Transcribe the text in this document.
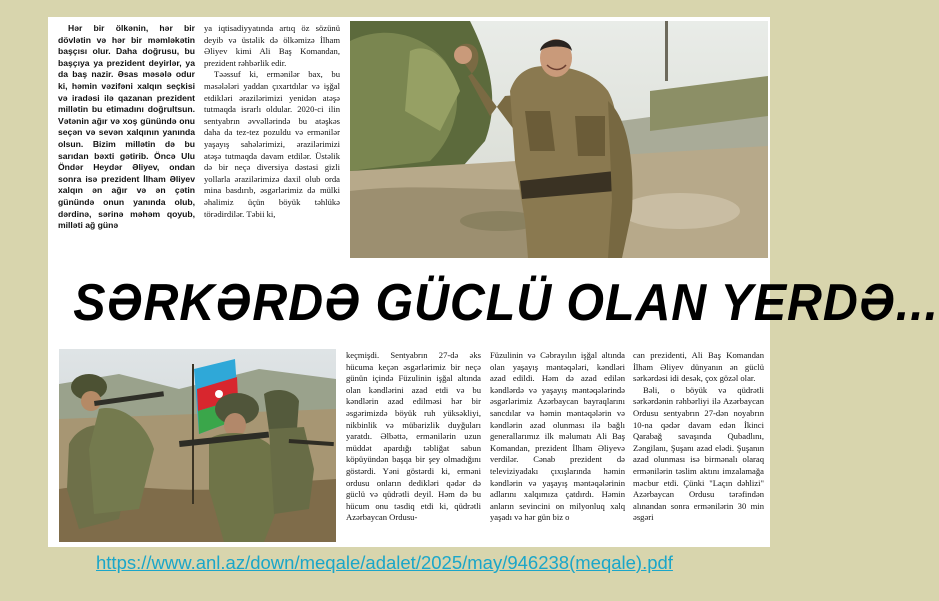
Hər bir ölkənin, hər bir dövlətin və hər bir məmləkətin başçısı olur. Daha doğrusu, bu başçıya ya prezident deyirlər, ya da baş nazir. Əsas məsələ odur ki, həmin vəzifəni xalqın seçkisi və iradəsi ilə qazanan prezident millətin bu etimadını doğrultsun. Vətənin ağır və xoş günündə onu seçən və sevən xalqının yanında olsun. Bizim millətin də bu sarıdan bəxti gətirib. Öncə Ulu Öndər Heydər Əliyev, ondan sonra isə prezident İlham Əliyev xalqın ən ağır və ən çətin günündə onun yanında olub, dərdinə, sərinə məhəm qoyub, milləti ağ günə

ya iqtisadiyyatında artıq öz sözünü deyib və üstəlik də ölkəmizə İlham Əliyev kimi Ali Baş Komandan, prezident rəhbərlik edir.

Təəssuf ki, ermənilər bax, bu məsələləri yaddan çıxartdılar və işğal etdikləri ərazilərimizi yenidən atəşə tutmaqda israrlı oldular. 2020-ci ilin sentyabrın əvvəllərində bu atəşkəs daha da tez-tez pozuldu və ermənilər yaşayış sahələrimizi, ərazilərimizi atəşə tutmaqda davam etdilər. Üstəlik də bir neçə diversiya dəstəsi gizli yollarla ərazilərimizə daxil olub orda mina basdırıb, əsgərlərimiz də mülki əhalimiz üçün böyük təhlükə törədirdilər. Təbii ki,

SƏRKƏRDƏ GÜCLÜ OLAN YERDƏ...

keçmişdi. Sentyabrın 27-də əks hücuma keçən əsgərlərimiz bir neçə günün içində Füzulinin işğal altında olan kəndlərini azad etdi və bu kəndlərin azad edilməsi hər bir əsgərimizdə böyük ruh yüksəkliyi, nikbinlik və mübarizlik duyğuları yaratdı. Əlbəttə, ermənilərin uzun müddət apardığı təbliğat sabun köpüyündən başqa bir şey olmadığını göstərdi. Yəni göstərdi ki, erməni ordusu onların dedikləri qədər də güclü və qüdrətli deyil. Həm də bu hücum onu təsdiq etdi ki, qüdrətli Azərbaycan Ordusu-

Füzulinin və Cəbrayılın işğal altında olan yaşayış məntəqələri, kəndləri azad edildi. Həm də azad edilən kəndlərdə və yaşayış məntəqələrində əsgərlərimiz Azərbaycan bayraqlarını sancdılar və həmin məntəqələrin və kəndlərin azad olunması ilə bağlı generallarımız ilk məlumatı Ali Baş Komandan, prezident İlham Əliyevə verdilər. Cənab prezident də televiziyadakı çıxışlarında həmin kəndlərin və yaşayış məntəqələrinin adlarını xalqımıza çatdırdı. Həmin anların sevincini on milyonluq xalq yaşadı və hər gün biz o

can prezidenti, Ali Baş Komandan İlham Əliyev dünyanın ən güclü sərkərdəsi idi desək, çox gözəl olar.

Bəli, o böyük və qüdrətli sərkərdənin rəhbərliyi ilə Azərbaycan Ordusu sentyabrın 27-dən noyabrın 10-na qədər davam edən İkinci Qarabağ savaşında Qubadlını, Zəngilanı, Şuşanı azad elədi. Şuşanın azad olunması isə birmənalı olaraq ermənilərin təslim aktını imzalamağa məcbur etdi. Çünki "Laçın dəhlizi" Azərbaycan Ordusu tərəfindən alınandan sonra ermənilərin 30 min əsgəri

https://www.anl.az/down/meqale/adalet/2025/may/946238(meqale).pdf
